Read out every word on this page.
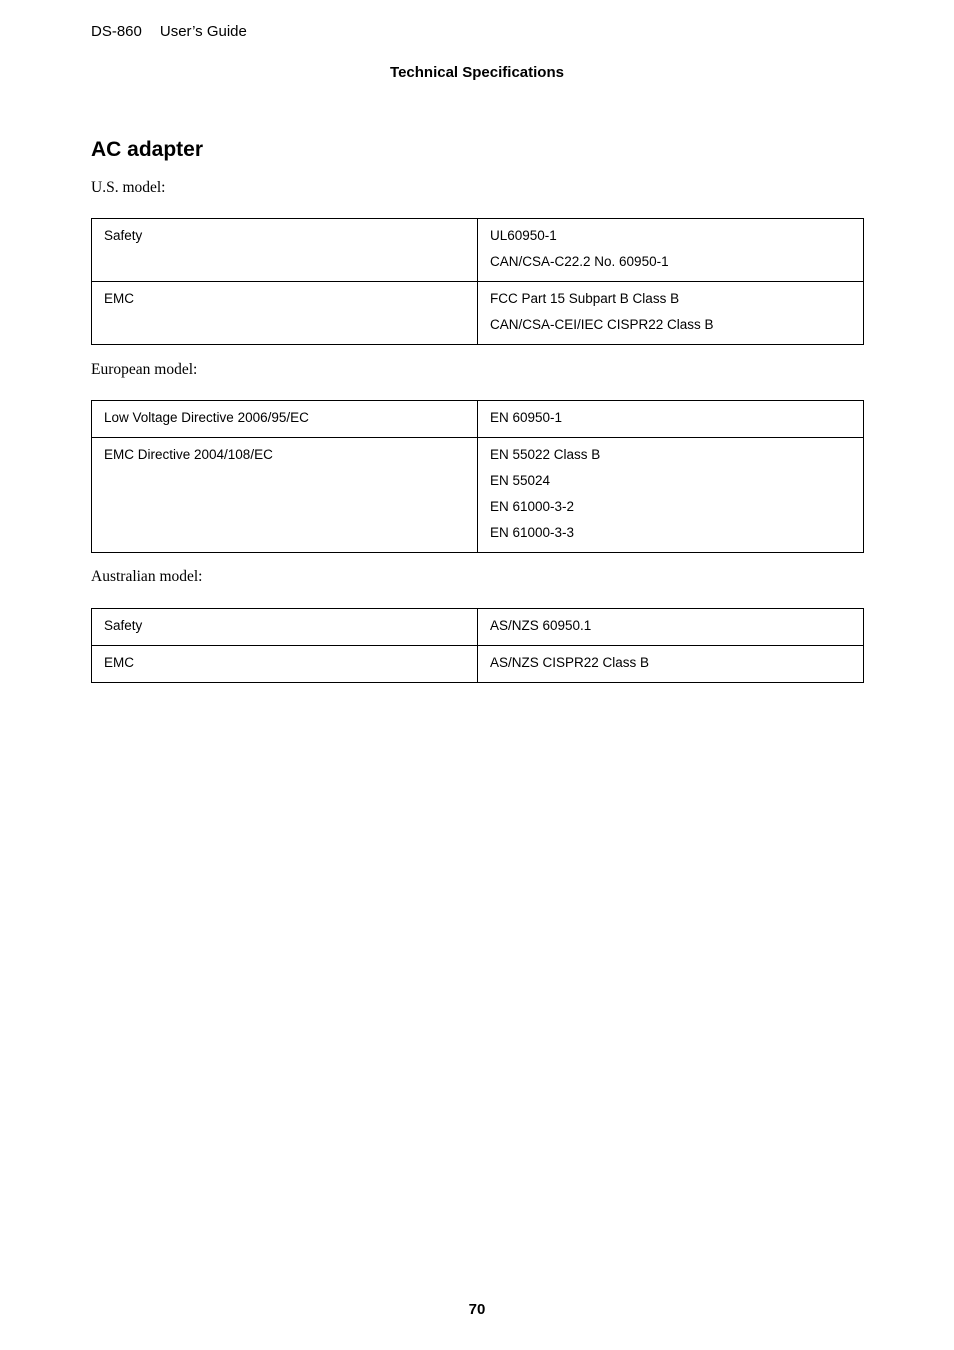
DS-860 User’s Guide
Technical Specifications
AC adapter
U.S. model:
Safety	UL60950-1
CAN/CSA-C22.2 No. 60950-1

EMC	FCC Part 15 Subpart B Class B
CAN/CSA-CEI/IEC CISPR22 Class B
European model:
Low Voltage Directive 2006/95/EC	EN 60950-1

EMC Directive 2004/108/EC	EN 55022 Class B
EN 55024
EN 61000-3-2
EN 61000-3-3
Australian model:
Safety	AS/NZS 60950.1

EMC	AS/NZS CISPR22 Class B
70
